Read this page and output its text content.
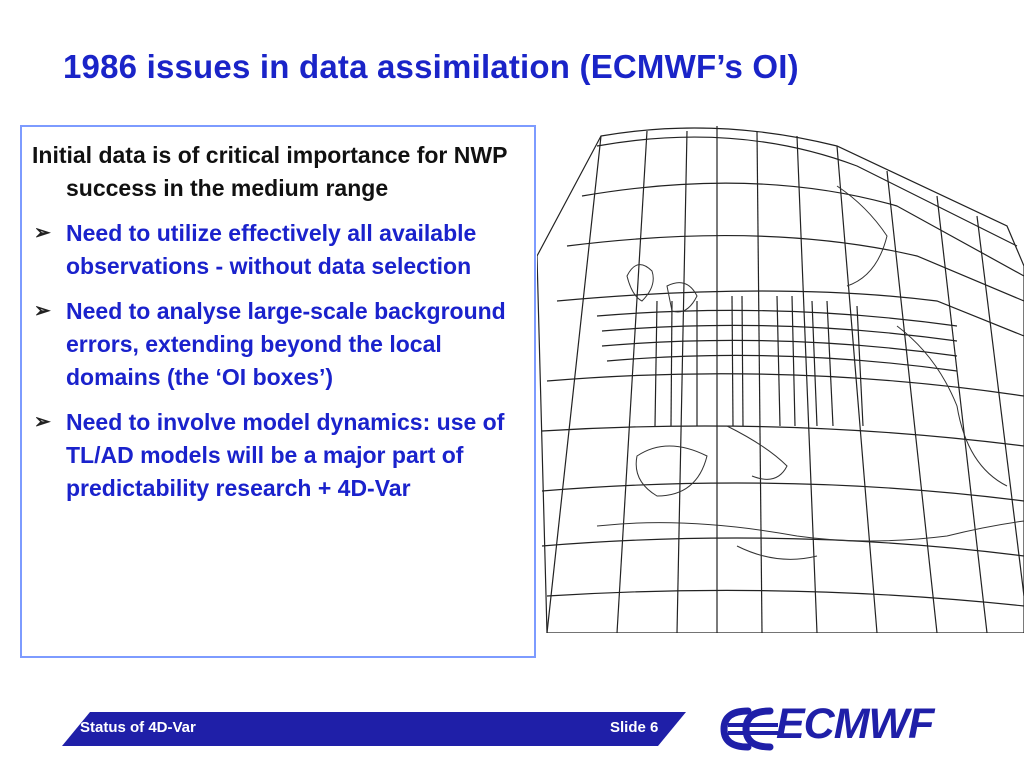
1986 issues in data assimilation (ECMWF’s OI)

Initial data is of critical importance for NWP success in the medium range

➢ Need to utilize effectively all available observations - without data selection

➢ Need to analyse large-scale background errors, extending beyond the local domains (the ‘OI boxes’)

➢ Need to involve model dynamics: use of TL/AD models will be a major part of predictability research + 4D-Var

Status of 4D-Var	Slide 6	ECMWF
